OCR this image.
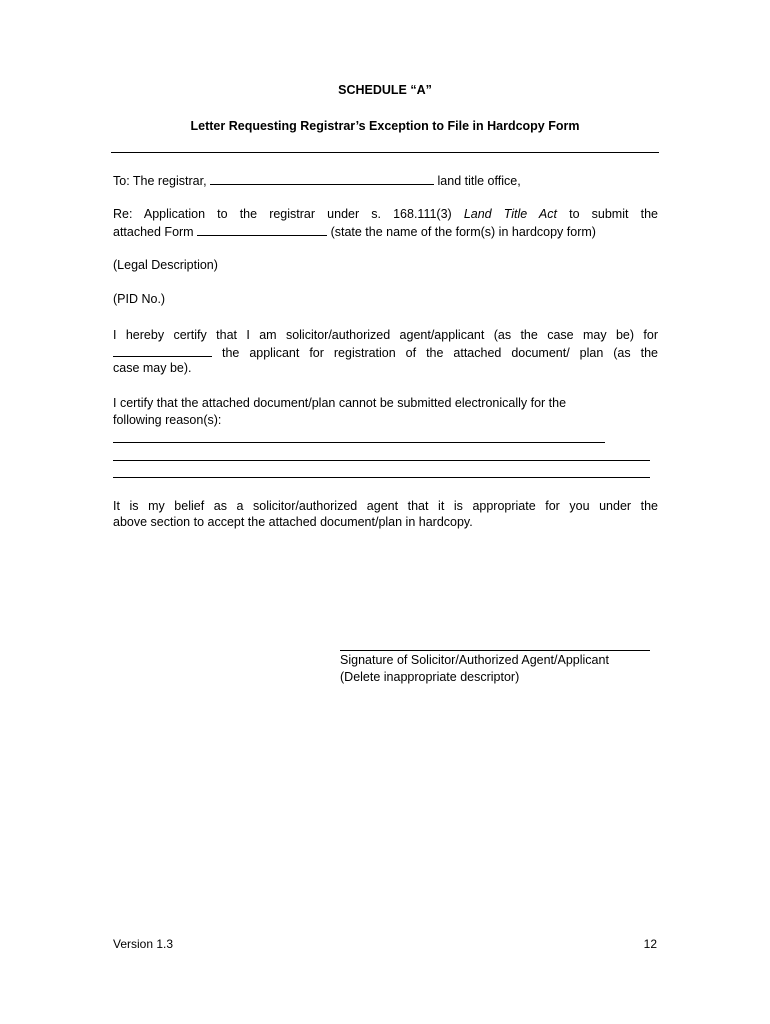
SCHEDULE “A”
Letter Requesting Registrar’s Exception to File in Hardcopy Form
To: The registrar,	land title office,
Re: Application to the registrar under s. 168.111(3) Land Title Act to submit the
attached Form	(state the name of the form(s) in hardcopy form)
(Legal Description)
(PID No.)
I hereby certify that I am solicitor/authorized agent/applicant (as the case may be) for
the applicant for registration of the attached document/ plan (as the
case may be).
I certify that the attached document/plan cannot be submitted electronically for the
following reason(s):
It is my belief as a solicitor/authorized agent that it is appropriate for you under the
above section to accept the attached document/plan in hardcopy.
Signature of Solicitor/Authorized Agent/Applicant
(Delete inappropriate descriptor)
Version 1.3	12
